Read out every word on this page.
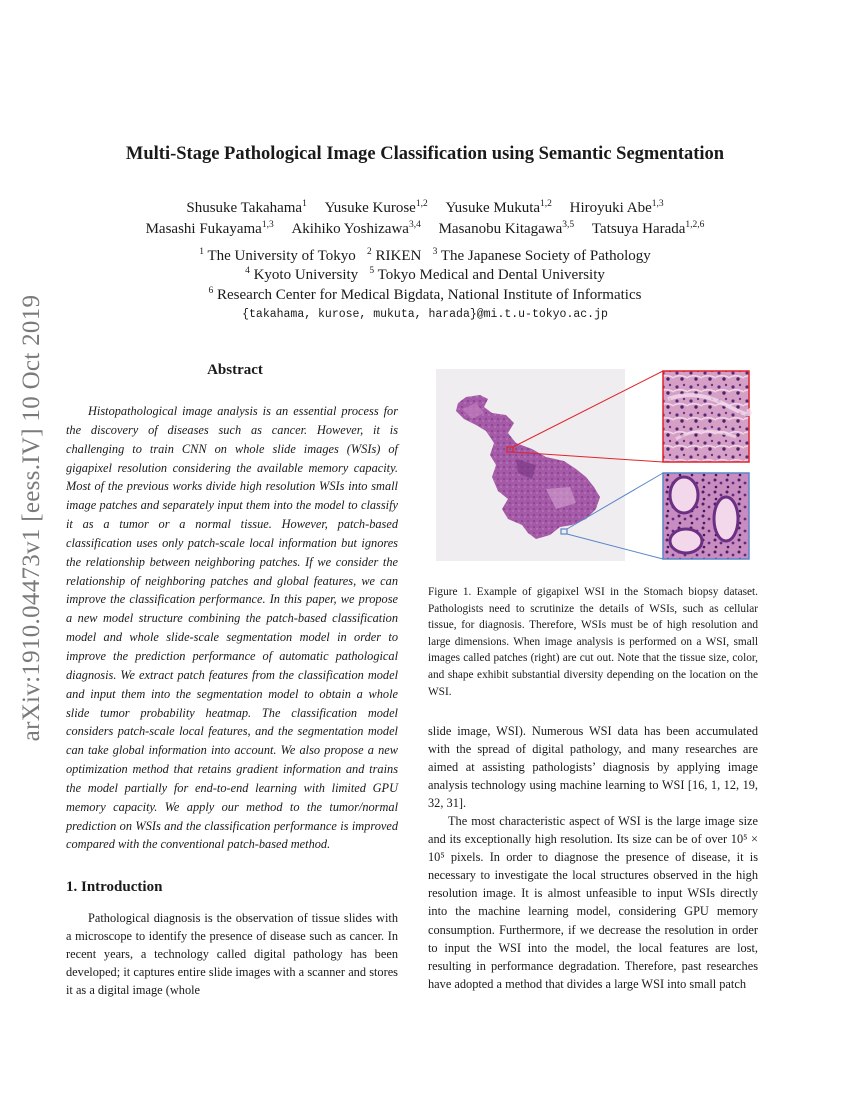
arXiv:1910.04473v1 [eess.IV] 10 Oct 2019
Multi-Stage Pathological Image Classification using Semantic Segmentation
Shusuke Takahama$^1$ Yusuke Kurose$^{1,2}$ Yusuke Mukuta$^{1,2}$ Hiroyuki Abe$^{1,3}$
Masashi Fukayama$^{1,3}$ Akihiko Yoshizawa$^{3,4}$ Masanobu Kitagawa$^{3,5}$ Tatsuya Harada$^{1,2,6}$
$^1$ The University of Tokyo $^2$ RIKEN $^3$ The Japanese Society of Pathology
$^4$ Kyoto University $^5$ Tokyo Medical and Dental University
$^6$ Research Center for Medical Bigdata, National Institute of Informatics
{takahama, kurose, mukuta, harada}@mi.t.u-tokyo.ac.jp
Abstract
Histopathological image analysis is an essential process for the discovery of diseases such as cancer. However, it is challenging to train CNN on whole slide images (WSIs) of gigapixel resolution considering the available memory capacity. Most of the previous works divide high resolution WSIs into small image patches and separately input them into the model to classify it as a tumor or a normal tissue. However, patch-based classification uses only patch-scale local information but ignores the relationship between neighboring patches. If we consider the relationship of neighboring patches and global features, we can improve the classification performance. In this paper, we propose a new model structure combining the patch-based classification model and whole slide-scale segmentation model in order to improve the prediction performance of automatic pathological diagnosis. We extract patch features from the classification model and input them into the segmentation model to obtain a whole slide tumor probability heatmap. The classification model considers patch-scale local features, and the segmentation model can take global information into account. We also propose a new optimization method that retains gradient information and trains the model partially for end-to-end learning with limited GPU memory capacity. We apply our method to the tumor/normal prediction on WSIs and the classification performance is improved compared with the conventional patch-based method.
1. Introduction
Pathological diagnosis is the observation of tissue slides with a microscope to identify the presence of disease such as cancer. In recent years, a technology called digital pathology has been developed; it captures entire slide images with a scanner and stores it as a digital image (whole
Figure 1. Example of gigapixel WSI in the Stomach biopsy dataset. Pathologists need to scrutinize the details of WSIs, such as cellular tissue, for diagnosis. Therefore, WSIs must be of high resolution and large dimensions. When image analysis is performed on a WSI, small images called patches (right) are cut out. Note that the tissue size, color, and shape exhibit substantial diversity depending on the location on the WSI.
slide image, WSI). Numerous WSI data has been accumulated with the spread of digital pathology, and many researches are aimed at assisting pathologists’ diagnosis by applying image analysis technology using machine learning to WSI [16, 1, 12, 19, 32, 31].
The most characteristic aspect of WSI is the large image size and its exceptionally high resolution. Its size can be of over 10⁵ × 10⁵ pixels. In order to diagnose the presence of disease, it is necessary to investigate the local structures observed in the high resolution image. It is almost unfeasible to input WSIs directly into the machine learning model, considering GPU memory consumption. Furthermore, if we decrease the resolution in order to input the WSI into the model, the local features are lost, resulting in performance degradation. Therefore, past researches have adopted a method that divides a large WSI into small patch
